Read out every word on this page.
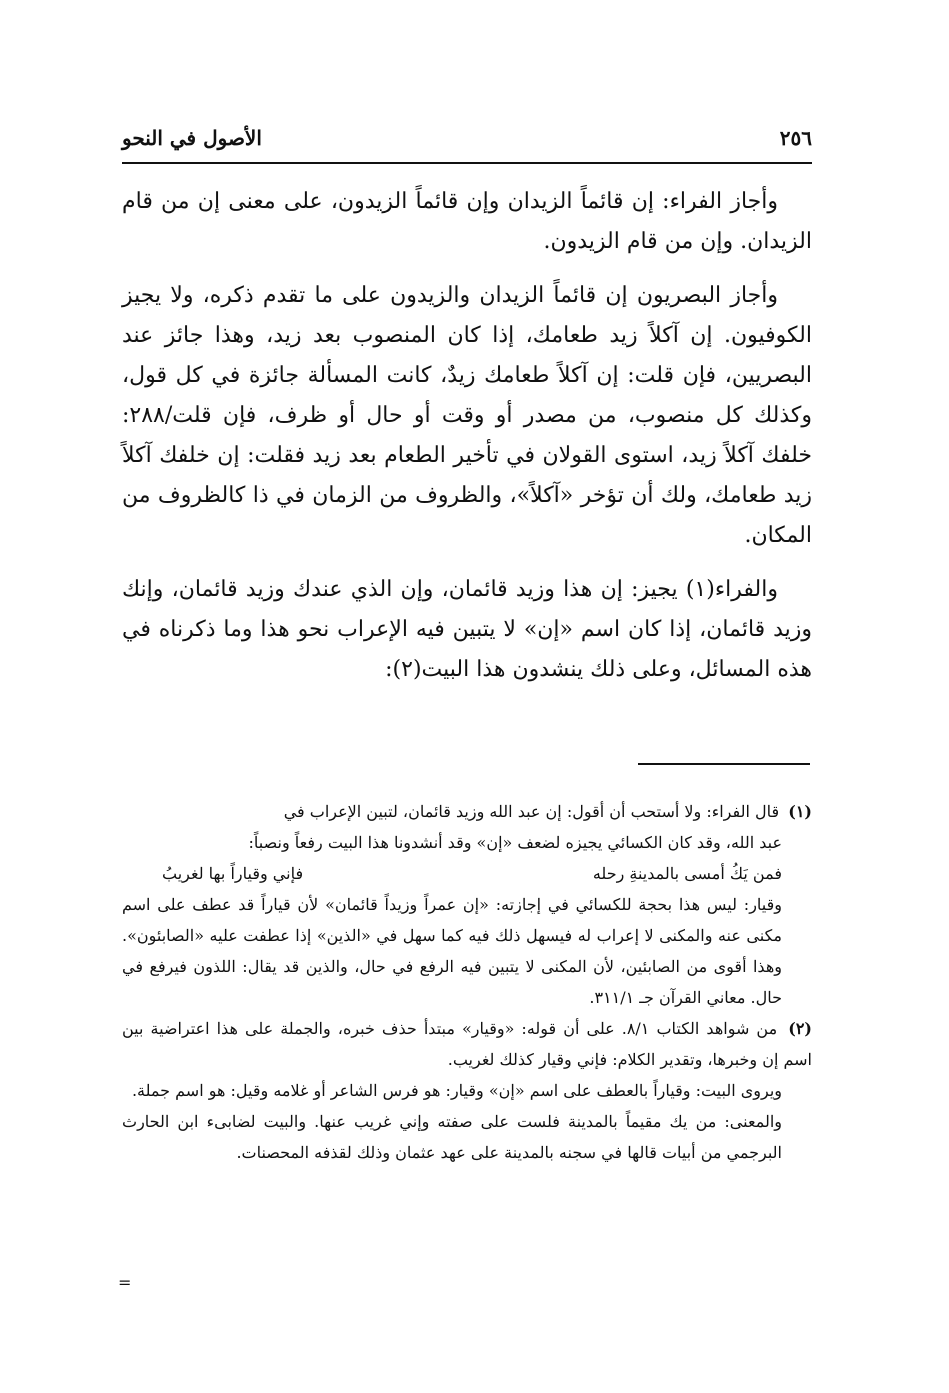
٢٥٦
الأصول في النحو

وأجاز الفراء: إن قائماً الزيدان وإن قائماً الزيدون، على معنى إن من قام الزيدان. وإن من قام الزيدون.

وأجاز البصريون إن قائماً الزيدان والزيدون على ما تقدم ذكره، ولا يجيز الكوفيون. إن آكلاً زيد طعامك، إذا كان المنصوب بعد زيد، وهذا جائز عند البصريين، فإن قلت: إن آكلاً طعامك زيدٌ، كانت المسألة جائزة في كل قول، وكذلك كل منصوب، من مصدر أو وقت أو حال أو ظرف، فإن قلت/٢٨٨: خلفك آكلاً زيد، استوى القولان في تأخير الطعام بعد زيد فقلت: إن خلفك آكلاً زيد طعامك، ولك أن تؤخر «آكلاً»، والظروف من الزمان في ذا كالظروف من المكان.

والفراء(١) يجيز: إن هذا وزيد قائمان، وإن الذي عندك وزيد قائمان، وإنك وزيد قائمان، إذا كان اسم «إن» لا يتبين فيه الإعراب نحو هذا وما ذكرناه في هذه المسائل، وعلى ذلك ينشدون هذا البيت(٢):

(١) قال الفراء: ولا أستحب أن أقول: إن عبد الله وزيد قائمان، لتبين الإعراب في
عبد الله، وقد كان الكسائي يجيزه لضعف «إن» وقد أنشدونا هذا البيت رفعاً ونصباً:
فمن يَكُ أمسى بالمدينةِ رحله
فإني وقياراً بها لغريبُ
وقيار: ليس هذا بحجة للكسائي في إجازته: «إن عمراً وزيداً قائمان» لأن قياراً قد عطف على اسم مكنى عنه والمكنى لا إعراب له فيسهل ذلك فيه كما سهل في «الذين» إذا عطفت عليه «الصابئون». وهذا أقوى من الصابئين، لأن المكنى لا يتبين فيه الرفع في حال، والذين قد يقال: اللذون فيرفع في حال. معاني القرآن جـ ٣١١/١.
(٢) من شواهد الكتاب ٨/١. على أن قوله: «وقيار» مبتدأ حذف خبره، والجملة على هذا اعتراضية بين اسم إن وخبرها، وتقدير الكلام: فإني وقيار كذلك لغريب.
ويروى البيت: وقياراً بالعطف على اسم «إن» وقيار: هو فرس الشاعر أو غلامه وقيل: هو اسم جملة.
والمعنى: من يك مقيماً بالمدينة فلست على صفته وإني غريب عنها. والبيت لضابىء ابن الحارث البرجمي من أبيات قالها في سجنه بالمدينة على عهد عثمان وذلك لقذفه المحصنات.
=
